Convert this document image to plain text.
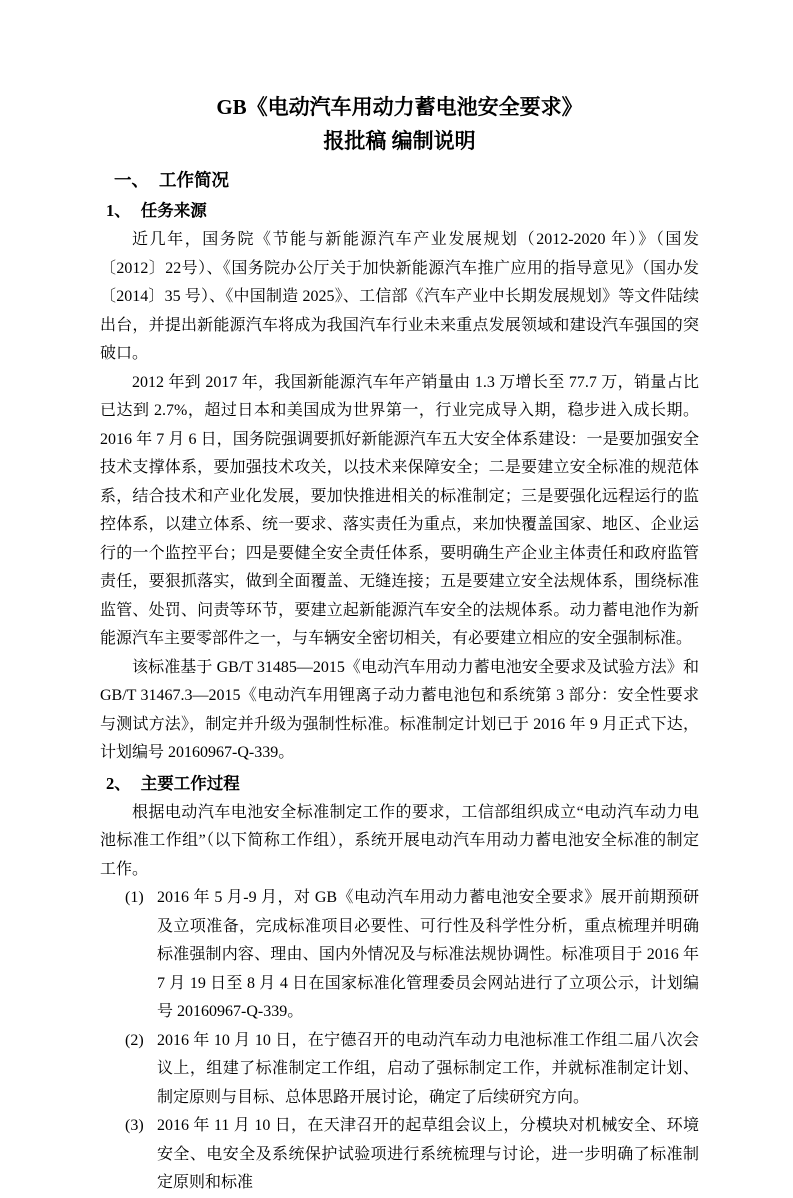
GB《电动汽车用动力蓄电池安全要求》

报批稿 编制说明

一、 工作简况
1、 任务来源

近几年，国务院《节能与新能源汽车产业发展规划（2012-2020 年）》（国发〔2012〕22号）、《国务院办公厅关于加快新能源汽车推广应用的指导意见》（国办发〔2014〕35 号）、《中国制造 2025》、工信部《汽车产业中长期发展规划》等文件陆续出台，并提出新能源汽车将成为我国汽车行业未来重点发展领域和建设汽车强国的突破口。

2012 年到 2017 年，我国新能源汽车年产销量由 1.3 万增长至 77.7 万，销量占比已达到 2.7%，超过日本和美国成为世界第一，行业完成导入期，稳步进入成长期。2016 年 7 月 6 日，国务院强调要抓好新能源汽车五大安全体系建设：一是要加强安全技术支撑体系，要加强技术攻关，以技术来保障安全；二是要建立安全标准的规范体系，结合技术和产业化发展，要加快推进相关的标准制定；三是要强化远程运行的监控体系，以建立体系、统一要求、落实责任为重点，来加快覆盖国家、地区、企业运行的一个监控平台；四是要健全安全责任体系，要明确生产企业主体责任和政府监管责任，要狠抓落实，做到全面覆盖、无缝连接；五是要建立安全法规体系，围绕标准监管、处罚、问责等环节，要建立起新能源汽车安全的法规体系。动力蓄电池作为新能源汽车主要零部件之一，与车辆安全密切相关，有必要建立相应的安全强制标准。

该标准基于 GB/T 31485—2015《电动汽车用动力蓄电池安全要求及试验方法》和 GB/T 31467.3—2015《电动汽车用锂离子动力蓄电池包和系统第 3 部分：安全性要求与测试方法》，制定并升级为强制性标准。标准制定计划已于 2016 年 9 月正式下达，计划编号 20160967-Q-339。

2、 主要工作过程

根据电动汽车电池安全标准制定工作的要求，工信部组织成立“电动汽车动力电池标准工作组”（以下简称工作组），系统开展电动汽车用动力蓄电池安全标准的制定工作。

(1) 2016 年 5 月-9 月，对 GB《电动汽车用动力蓄电池安全要求》展开前期预研及立项准备，完成标准项目必要性、可行性及科学性分析，重点梳理并明确标准强制内容、理由、国内外情况及与标准法规协调性。标准项目于 2016 年 7 月 19 日至 8 月 4 日在国家标准化管理委员会网站进行了立项公示，计划编号 20160967-Q-339。
(2) 2016 年 10 月 10 日，在宁德召开的电动汽车动力电池标准工作组二届八次会议上，组建了标准制定工作组，启动了强标制定工作，并就标准制定计划、制定原则与目标、总体思路开展讨论，确定了后续研究方向。
(3) 2016 年 11 月 10 日，在天津召开的起草组会议上，分模块对机械安全、环境安全、电安全及系统保护试验项进行系统梳理与讨论，进一步明确了标准制定原则和标准
